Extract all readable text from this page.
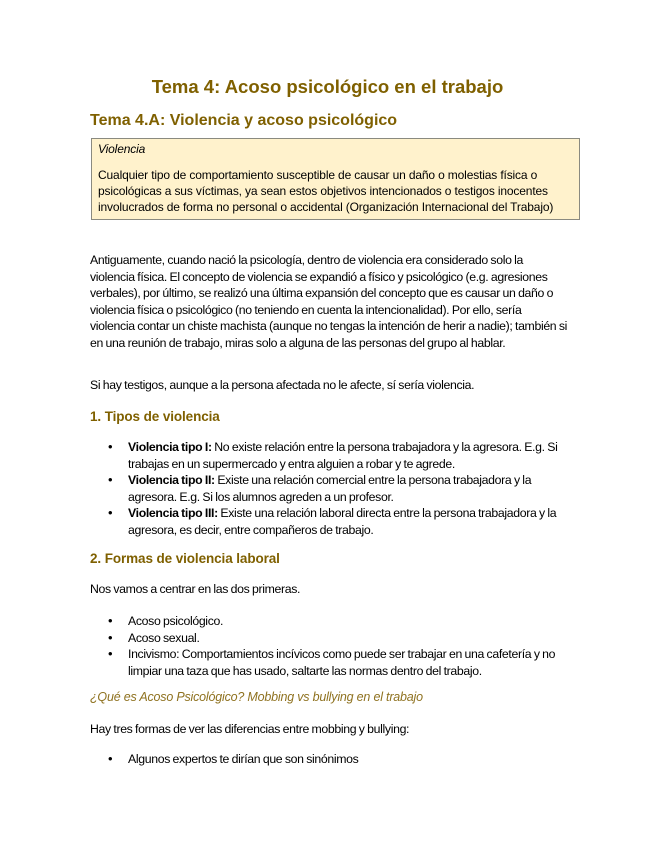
Tema 4: Acoso psicológico en el trabajo
Tema 4.A: Violencia y acoso psicológico
Violencia
Cualquier tipo de comportamiento susceptible de causar un daño o molestias física o psicológicas a sus víctimas, ya sean estos objetivos intencionados o testigos inocentes involucrados de forma no personal o accidental (Organización Internacional del Trabajo)
Antiguamente, cuando nació la psicología, dentro de violencia era considerado solo la violencia física. El concepto de violencia se expandió a físico y psicológico (e.g. agresiones verbales), por último, se realizó una última expansión del concepto que es causar un daño o violencia física o psicológico (no teniendo en cuenta la intencionalidad). Por ello, sería violencia contar un chiste machista (aunque no tengas la intención de herir a nadie); también si en una reunión de trabajo, miras solo a alguna de las personas del grupo al hablar.
Si hay testigos, aunque a la persona afectada no le afecte, sí sería violencia.
1. Tipos de violencia
• Violencia tipo I: No existe relación entre la persona trabajadora y la agresora. E.g. Si trabajas en un supermercado y entra alguien a robar y te agrede.
• Violencia tipo II: Existe una relación comercial entre la persona trabajadora y la agresora. E.g. Si los alumnos agreden a un profesor.
• Violencia tipo III: Existe una relación laboral directa entre la persona trabajadora y la agresora, es decir, entre compañeros de trabajo.
2. Formas de violencia laboral
Nos vamos a centrar en las dos primeras.
• Acoso psicológico.
• Acoso sexual.
• Incivismo: Comportamientos incívicos como puede ser trabajar en una cafetería y no limpiar una taza que has usado, saltarte las normas dentro del trabajo.
¿Qué es Acoso Psicológico? Mobbing vs bullying en el trabajo
Hay tres formas de ver las diferencias entre mobbing y bullying:
• Algunos expertos te dirían que son sinónimos
